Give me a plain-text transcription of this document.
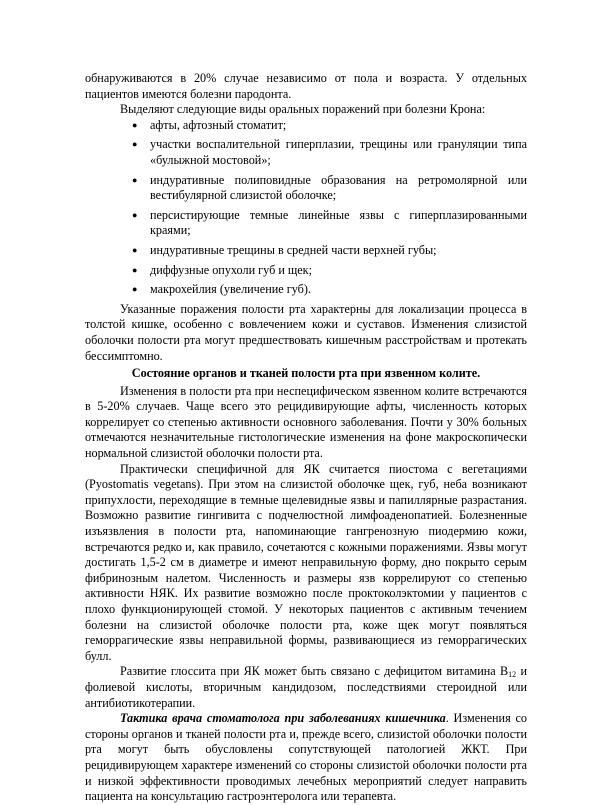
обнаруживаются в 20% случае независимо от пола и возраста. У отдельных пациентов имеются болезни пародонта.

Выделяют следующие виды оральных поражений при болезни Крона:

● афты, афтозный стоматит;
● участки воспалительной гиперплазии, трещины или грануляции типа «булыжной мостовой»;
● индуративные полиповидные образования на ретромолярной или вестибулярной слизистой оболочке;
● персистирующие темные линейные язвы с гиперплазированными краями;
● индуративные трещины в средней части верхней губы;
● диффузные опухоли губ и щек;
● макрохейлия (увеличение губ).

Указанные поражения полости рта характерны для локализации процесса в толстой кишке, особенно с вовлечением кожи и суставов. Изменения слизистой оболочки полости рта могут предшествовать кишечным расстройствам и протекать бессимптомно.

Состояние органов и тканей полости рта при язвенном колите.

Изменения в полости рта при неспецифическом язвенном колите встречаются в 5-20% случаев. Чаще всего это рецидивирующие афты, численность которых коррелирует со степенью активности основного заболевания. Почти у 30% больных отмечаются незначительные гистологические изменения на фоне макроскопически нормальной слизистой оболочки полости рта.

Практически специфичной для ЯК считается пиостома с вегетациями (Pyostomatis vegetans). При этом на слизистой оболочке щек, губ, неба возникают припухлости, переходящие в темные щелевидные язвы и папиллярные разрастания. Возможно развитие гингивита с подчелюстной лимфоаденопатией. Болезненные изъязвления в полости рта, напоминающие гангренозную пиодермию кожи, встречаются редко и, как правило, сочетаются с кожными поражениями. Язвы могут достигать 1,5-2 см в диаметре и имеют неправильную форму, дно покрыто серым фибринозным налетом. Численность и размеры язв коррелируют со степенью активности НЯК. Их развитие возможно после проктоколэктомии у пациентов с плохо функционирующей стомой. У некоторых пациентов с активным течением болезни на слизистой оболочке полости рта, коже щек могут появляться геморрагические язвы неправильной формы, развивающиеся из геморрагических булл.

Развитие глоссита при ЯК может быть связано с дефицитом витамина $В_{12}$ и фолиевой кислоты, вторичным кандидозом, последствиями стероидной или антибиотикотерапии.

Тактика врача стоматолога при заболеваниях кишечника. Изменения со стороны органов и тканей полости рта и, прежде всего, слизистой оболочки полости рта могут быть обусловлены сопутствующей патологией ЖКТ. При рецидивирующем характере изменений со стороны слизистой оболочки полости рта и низкой эффективности проводимых лечебных мероприятий следует направить пациента на консультацию гастроэнтеролога или терапевта.
